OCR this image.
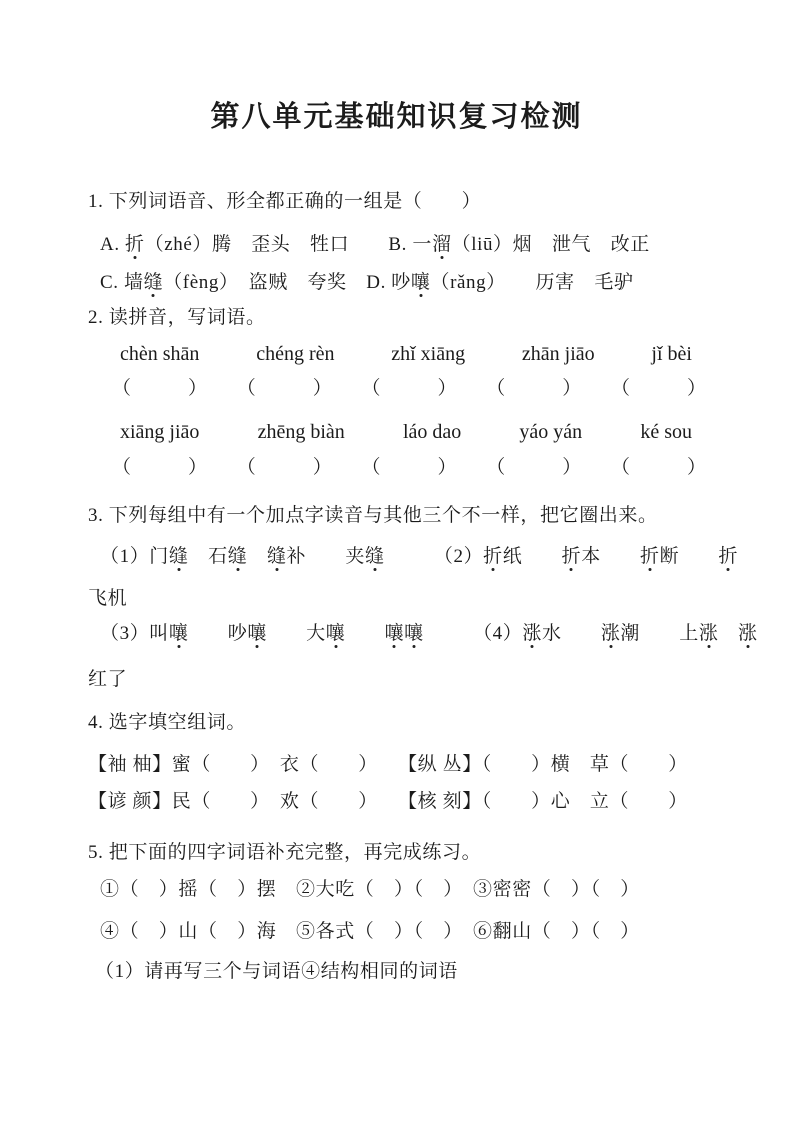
第八单元基础知识复习检测
1. 下列词语音、形全都正确的一组是（　　）
A. 折（zhé）腾　歪头　牲口　　B. 一溜（liū）烟　泄气　改正
C. 墙缝（fèng）　盗贼　夸奖　D. 吵嚷（rǎng）　　历害　毛驴
2. 读拼音，写词语。
chèn shān	chéng rèn	zhǐ xiāng	zhān jiāo	jǐ bèi
（　　　） （　　　） （　　　） （　　　） （　　　）
xiāng jiāo	zhēng biàn	láo dao	yáo yán	ké sou
（　　　） （　　　） （　　　） （　　　） （　　　）
3. 下列每组中有一个加点字读音与其他三个不一样，把它圈出来。
（1）门缝　石缝　 缝补　　夹缝　　　（2）折纸　　折本　　折断　　折
飞机
（3）叫嚷　　吵嚷　　大嚷　　 嚷嚷　　　（4）涨水　　涨潮　　上涨　 涨
红了
4. 选字填空组词。
【袖 柚】蜜（　　）　衣（　　）　　【纵 丛】（　　）横　草（　　）
【谚 颜】民（　　）　欢（　　）　　【核 刻】（　　）心　立（　　）
5. 把下面的四字词语补充完整，再完成练习。
①（　）摇（　）摆　②大吃（　）（　）　③密密（　）（　）
④（　）山（　）海　⑤各式（　）（　）　⑥翻山（　）（　）
（1）请再写三个与词语④结构相同的词语
